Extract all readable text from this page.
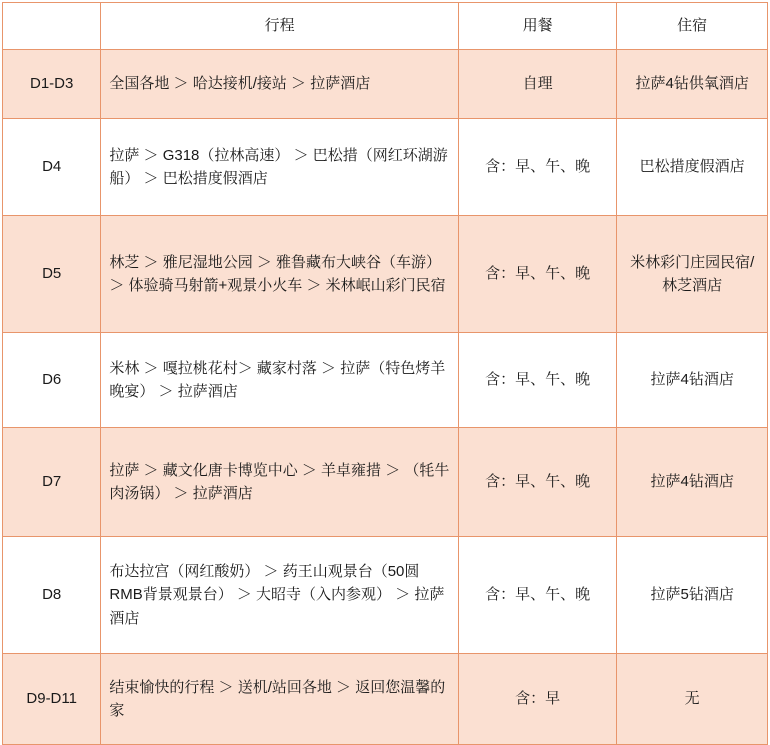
	行程	用餐	住宿
D1-D3	全国各地 ＞ 哈达接机/接站 ＞ 拉萨酒店	自理	拉萨4钻供氧酒店
D4	拉萨 ＞ G318（拉林高速） ＞ 巴松措（网红环湖游船） ＞ 巴松措度假酒店	含：早、午、晚	巴松措度假酒店
D5	林芝 ＞ 雅尼湿地公园 ＞ 雅鲁藏布大峡谷（车游） ＞ 体验骑马射箭+观景小火车 ＞ 米林岷山彩门民宿	含：早、午、晚	米林彩门庄园民宿/林芝酒店
D6	米林 ＞ 嘎拉桃花村＞ 藏家村落 ＞ 拉萨（特色烤羊晚宴） ＞ 拉萨酒店	含：早、午、晚	拉萨4钻酒店
D7	拉萨 ＞ 藏文化唐卡博览中心 ＞ 羊卓雍措 ＞ （牦牛肉汤锅） ＞ 拉萨酒店	含：早、午、晚	拉萨4钻酒店
D8	布达拉宫（网红酸奶） ＞ 药王山观景台（50圆RMB背景观景台） ＞ 大昭寺（入内参观） ＞ 拉萨酒店	含：早、午、晚	拉萨5钻酒店
D9-D11	结束愉快的行程 ＞ 送机/站回各地 ＞ 返回您温馨的家	含：早	无
